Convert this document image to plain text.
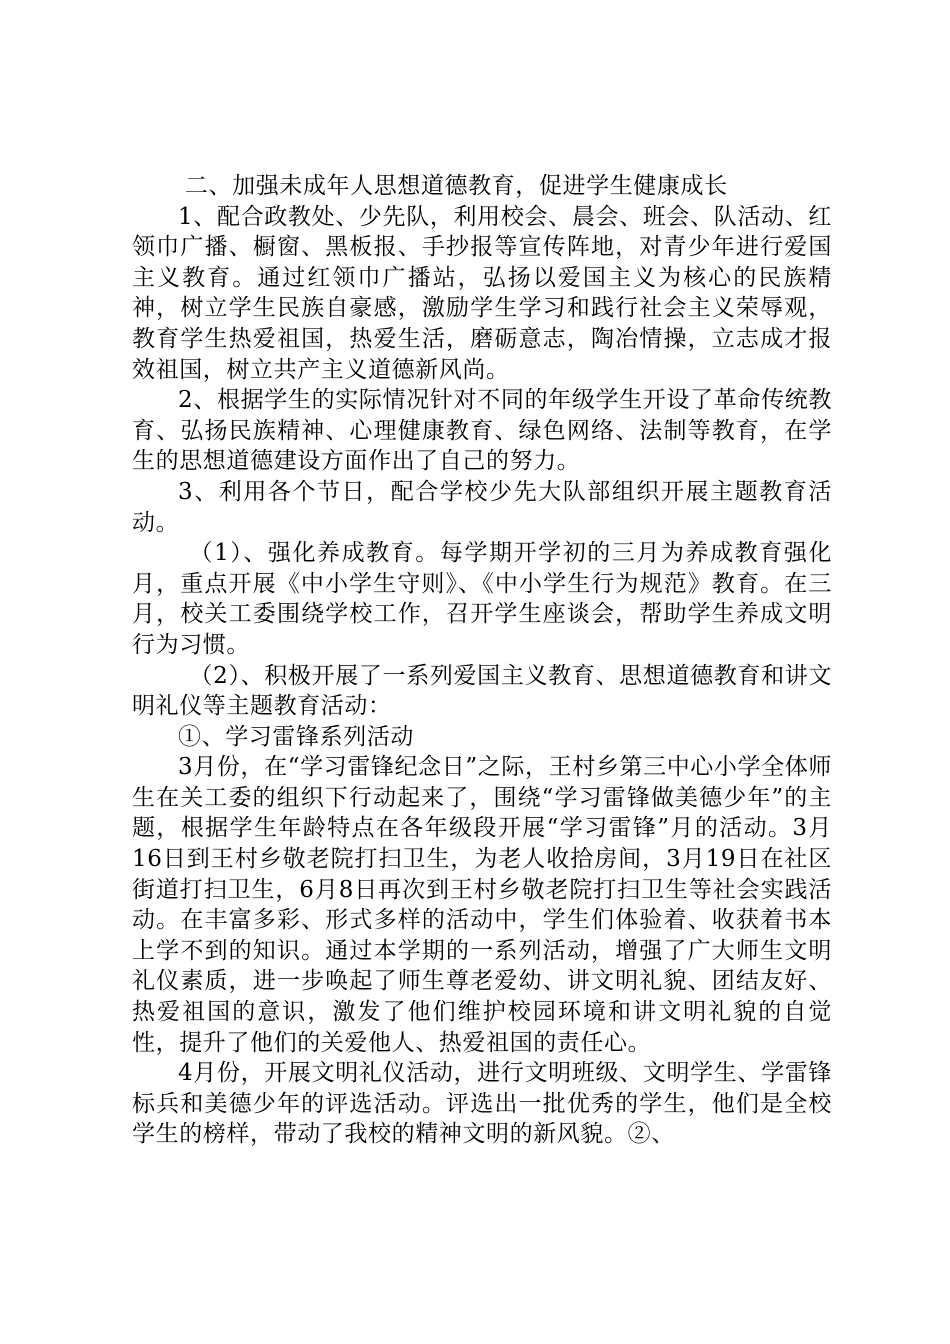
二、加强未成年人思想道德教育，促进学生健康成长

1、配合政教处、少先队，利用校会、晨会、班会、队活动、红领巾广播、橱窗、黑板报、手抄报等宣传阵地，对青少年进行爱国主义教育。通过红领巾广播站，弘扬以爱国主义为核心的民族精神，树立学生民族自豪感，激励学生学习和践行社会主义荣辱观，教育学生热爱祖国，热爱生活，磨砺意志，陶冶情操，立志成才报效祖国，树立共产主义道德新风尚。

2、根据学生的实际情况针对不同的年级学生开设了革命传统教育、弘扬民族精神、心理健康教育、绿色网络、法制等教育，在学生的思想道德建设方面作出了自己的努力。

3、利用各个节日，配合学校少先大队部组织开展主题教育活动。

（1）、强化养成教育。每学期开学初的三月为养成教育强化月，重点开展《中小学生守则》、《中小学生行为规范》教育。在三月，校关工委围绕学校工作，召开学生座谈会，帮助学生养成文明行为习惯。

（2）、积极开展了一系列爱国主义教育、思想道德教育和讲文明礼仪等主题教育活动：

①、学习雷锋系列活动

3月份，在“学习雷锋纪念日”之际，王村乡第三中心小学全体师生在关工委的组织下行动起来了，围绕“学习雷锋做美德少年”的主题，根据学生年龄特点在各年级段开展“学习雷锋”月的活动。3月16日到王村乡敬老院打扫卫生，为老人收拾房间，3月19日在社区街道打扫卫生，6月8日再次到王村乡敬老院打扫卫生等社会实践活动。在丰富多彩、形式多样的活动中，学生们体验着、收获着书本上学不到的知识。通过本学期的一系列活动，增强了广大师生文明礼仪素质，进一步唤起了师生尊老爱幼、讲文明礼貌、团结友好、热爱祖国的意识，激发了他们维护校园环境和讲文明礼貌的自觉性，提升了他们的关爱他人、热爱祖国的责任心。

4月份，开展文明礼仪活动，进行文明班级、文明学生、学雷锋标兵和美德少年的评选活动。评选出一批优秀的学生，他们是全校学生的榜样，带动了我校的精神文明的新风貌。②、
